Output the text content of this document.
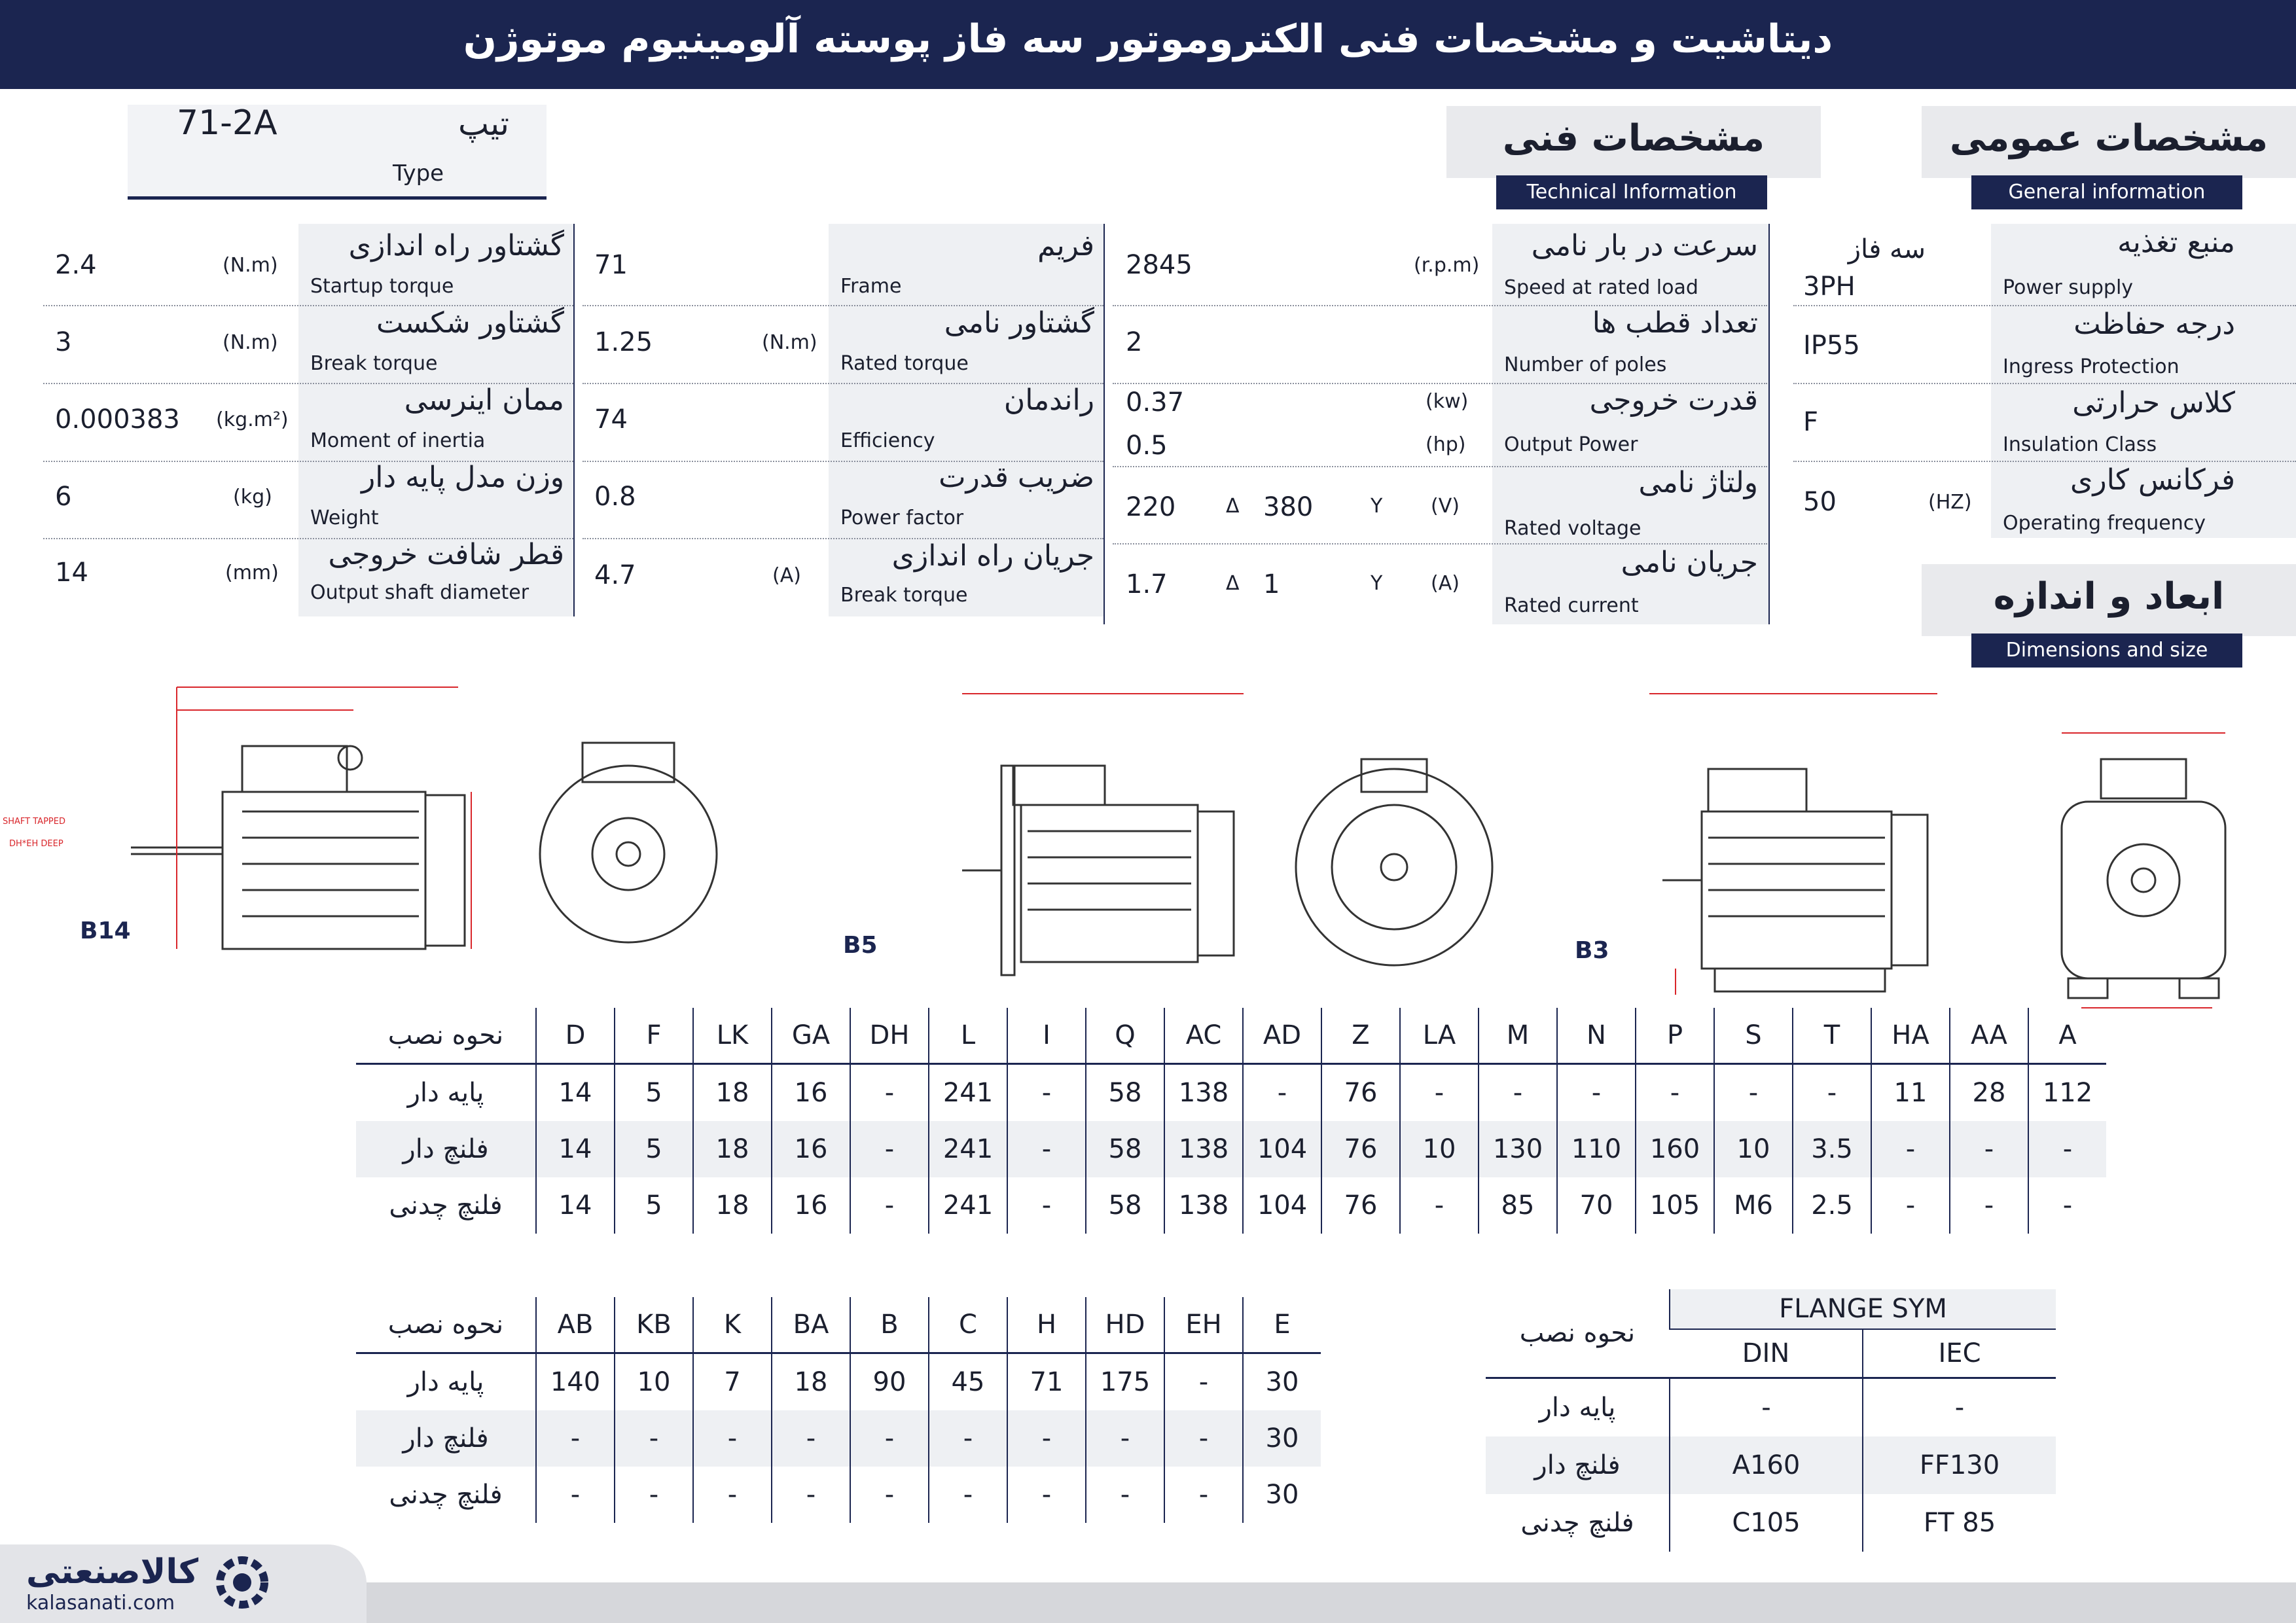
دیتاشیت و مشخصات فنی الکتروموتور سه فاز پوسته آلومینیوم موتوژن
71-2A	تیپ
Type
مشخصات عمومی
General information
مشخصات فنی
Technical Information
ابعاد و اندازه
Dimensions and size
منبع تغذیه
Power supply
سه فاز
3PH
درجه حفاظت
Ingress Protection
IP55
کلاس حرارتی
Insulation Class
F
فرکانس کاری
Operating frequency
50	(HZ)
سرعت در بار نامی
Speed at rated load
2845	(r.p.m)
تعداد قطب ها
Number of poles
2
قدرت خروجی
Output Power
0.37	(kw)
0.5	(hp)
ولتاژ نامی
Rated voltage
220	Δ 380	Y (V)
جریان نامی
Rated current
1.7	Δ 1	Y (A)
فریم
Frame
71
گشتاور نامی
Rated torque
1.25	(N.m)
راندمان
Efficiency
74
ضریب قدرت
Power factor
0.8
جریان راه اندازی
Break torque
4.7	(A)
گشتاور راه اندازی
Startup torque
2.4	(N.m)
گشتاور شکست
Break torque
3	(N.m)
ممان اینرسی
Moment of inertia
0.000383 (kg.m²)
وزن مدل پایه دار
Weight
6	(kg)
قطر شافت خروجی
Output shaft diameter
14	(mm)
B14
B5	B3
SHAFT TAPPED
DH*EH DEEP
نحوه نصب	D	F	LK	GA	DH	L	I	Q	AC	AD	Z	LA	M	N	P	S	T	HA	AA	A
پایه دار	14	5	18	16	-	241	-	58	138	-	76	-	-	-	-	-	-	11	28	112
فلنچ دار	14	5	18	16	-	241	-	58	138	104	76	10	130	110	160	10	3.5	-	-	-
فلنچ چدنی	14	5	18	16	-	241	-	58	138	104	76	-	85	70	105	M6	2.5	-	-	-
نحوه نصب	AB	KB	K	BA	B	C	H	HD	EH	E
پایه دار	140	10	7	18	90	45	71	175	-	30
فلنچ دار	-	-	-	-	-	-	-	-	-	30
فلنچ چدنی	-	-	-	-	-	-	-	-	-	30
نحوه نصب	FLANGE SYM	
	DIN	IEC
پایه دار	-	-
فلنچ دار	A160	FF130
فلنچ چدنی	C105	FT 85
کالاصنعتی
kalasanati.com
